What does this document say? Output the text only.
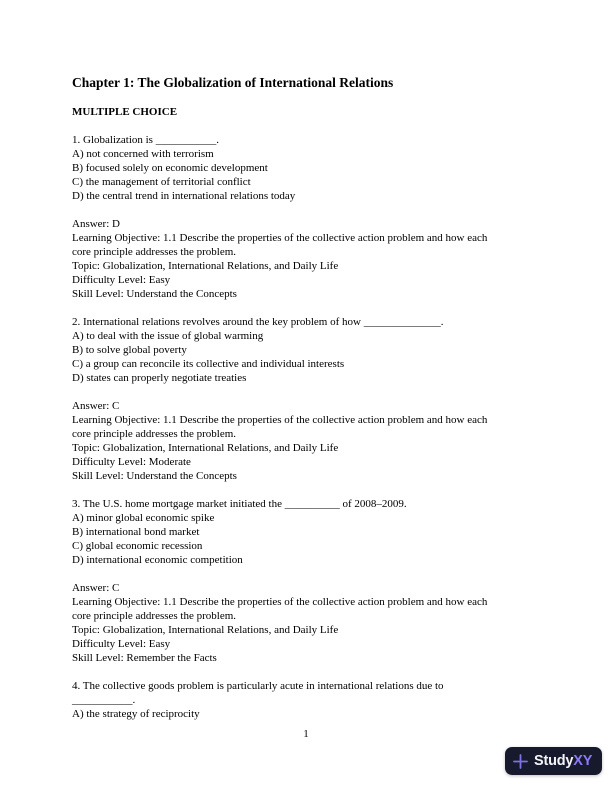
Chapter 1: The Globalization of International Relations

MULTIPLE CHOICE

1. Globalization is ___________.

A) not concerned with terrorism

B) focused solely on economic development

C) the management of territorial conflict

D) the central trend in international relations today

Answer: D

Learning Objective: 1.1 Describe the properties of the collective action problem and how each

core principle addresses the problem.

Topic: Globalization, International Relations, and Daily Life

Difficulty Level: Easy

Skill Level: Understand the Concepts

2. International relations revolves around the key problem of how ______________.

A) to deal with the issue of global warming

B) to solve global poverty

C) a group can reconcile its collective and individual interests

D) states can properly negotiate treaties

Answer: C

Learning Objective: 1.1 Describe the properties of the collective action problem and how each

core principle addresses the problem.

Topic: Globalization, International Relations, and Daily Life

Difficulty Level: Moderate

Skill Level: Understand the Concepts

3. The U.S. home mortgage market initiated the __________ of 2008–2009.

A) minor global economic spike

B) international bond market

C) global economic recession

D) international economic competition

Answer: C

Learning Objective: 1.1 Describe the properties of the collective action problem and how each

core principle addresses the problem.

Topic: Globalization, International Relations, and Daily Life

Difficulty Level: Easy

Skill Level: Remember the Facts

4. The collective goods problem is particularly acute in international relations due to

___________.

A) the strategy of reciprocity

1

StudyXY
